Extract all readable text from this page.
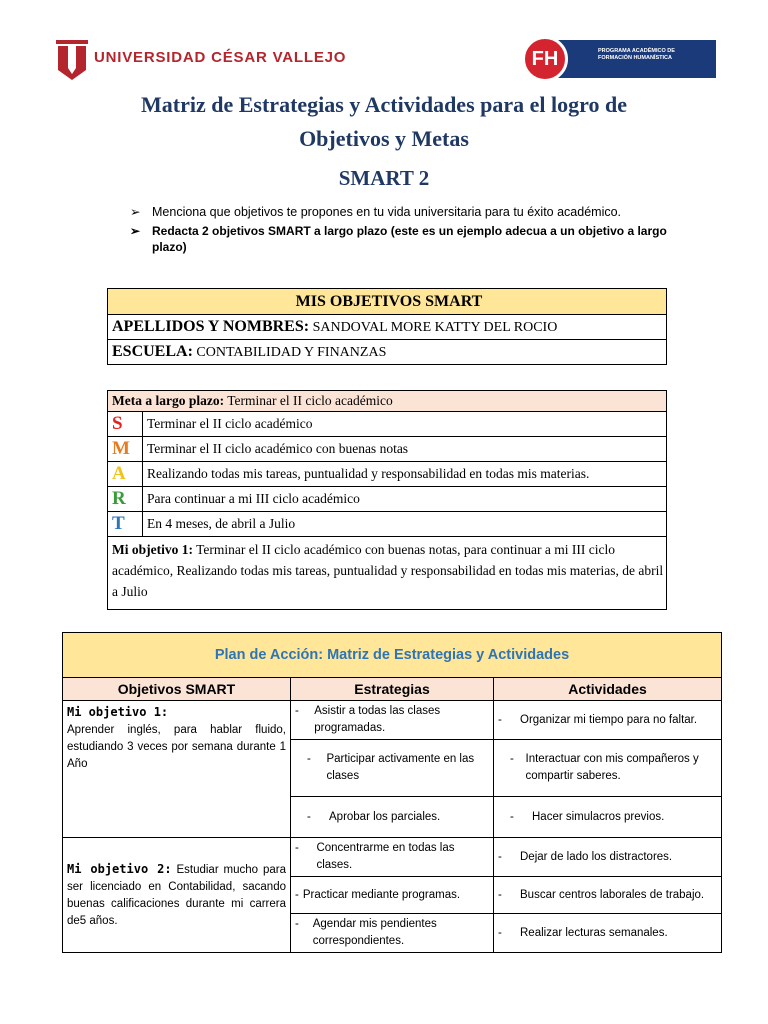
UNIVERSIDAD CÉSAR VALLEJO	FH	PROGRAMA ACADÉMICO DE FORMACIÓN HUMANÍSTICA
Matriz de Estrategias y Actividades para el logro de
Objetivos y Metas
SMART 2
➢ Menciona que objetivos te propones en tu vida universitaria para tu éxito académico.
➢ Redacta 2 objetivos SMART a largo plazo (este es un ejemplo adecua a un objetivo a largo plazo)
MIS OBJETIVOS SMART
APELLIDOS Y NOMBRES: SANDOVAL MORE KATTY DEL ROCIO
ESCUELA: CONTABILIDAD Y FINANZAS
Meta a largo plazo: Terminar el II ciclo académico	
S	Terminar el II ciclo académico
M	Terminar el II ciclo académico con buenas notas
A	Realizando todas mis tareas, puntualidad y responsabilidad en todas mis materias.
R	Para continuar a mi III ciclo académico
T	En 4 meses, de abril a Julio
Mi objetivo 1: Terminar el II ciclo académico con buenas notas, para continuar a mi III ciclo académico, Realizando todas mis tareas, puntualidad y responsabilidad en todas mis materias, de abril a Julio	
Plan de Acción: Matriz de Estrategias y Actividades		
Objetivos SMART	Estrategias	Actividades
Mi objetivo 1:
Aprender inglés, para hablar fluido, estudiando 3 veces por semana durante 1 Año	- Asistir a todas las clases programadas.	- Organizar mi tiempo para no faltar.

	- Participar activamente en las clases	- Interactuar con mis compañeros y compartir saberes.

	- Aprobar los parciales.	- Hacer simulacros previos.

Mi objetivo 2: Estudiar mucho para ser licenciado en Contabilidad, sacando buenas calificaciones durante mi carrera de5 años.	- Concentrarme en todas las clases.	- Dejar de lado los distractores.

	- Practicar mediante programas.	- Buscar centros laborales de trabajo.

	- Agendar mis pendientes correspondientes.	- Realizar lecturas semanales.
